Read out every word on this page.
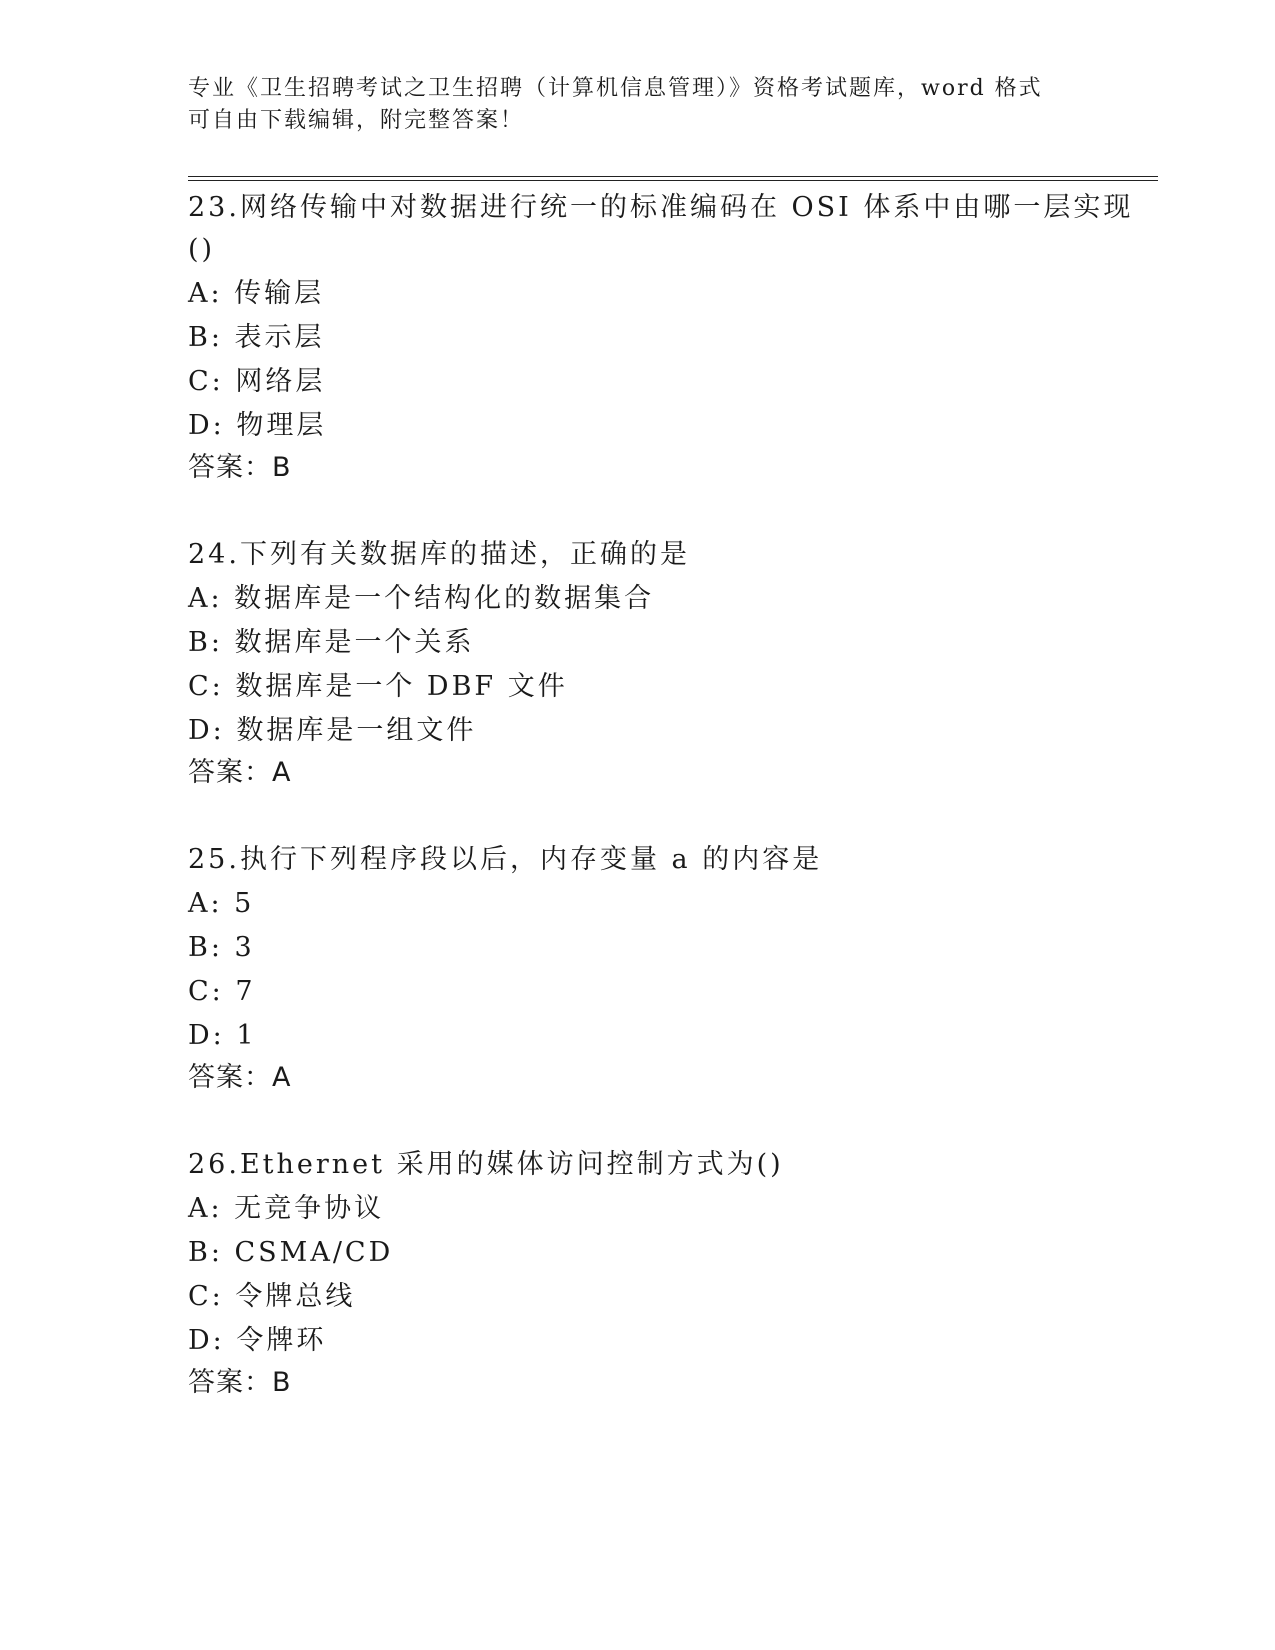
专业《卫生招聘考试之卫生招聘（计算机信息管理）》资格考试题库，word 格式
可自由下载编辑，附完整答案！
23.网络传输中对数据进行统一的标准编码在 OSI 体系中由哪一层实现
()
A: 传输层
B: 表示层
C: 网络层
D: 物理层
答案：B
24.下列有关数据库的描述，正确的是
A: 数据库是一个结构化的数据集合
B: 数据库是一个关系
C: 数据库是一个 DBF 文件
D: 数据库是一组文件
答案：A
25.执行下列程序段以后，内存变量 a 的内容是
A: 5
B: 3
C: 7
D: 1
答案：A
26.Ethernet 采用的媒体访问控制方式为()
A: 无竞争协议
B: CSMA/CD
C: 令牌总线
D: 令牌环
答案：B
